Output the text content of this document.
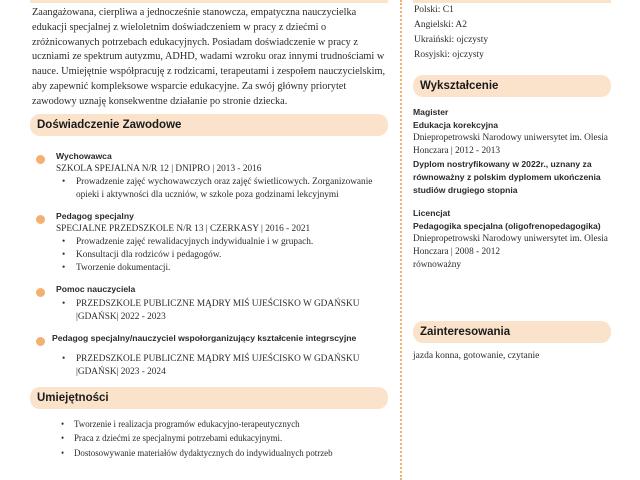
Zaangażowana, cierpliwa a jednocześnie stanowcza, empatyczna nauczycielka edukacji specjalnej z wieloletnim doświadczeniem w pracy z dziećmi o zróżnicowanych potrzebach edukacyjnych. Posiadam doświadczenie w pracy z uczniami ze spektrum autyzmu, ADHD, wadami wzroku oraz innymi trudnościami w nauce. Umiejętnie współpracuję z rodzicami, terapeutami i zespołem nauczycielskim, aby zapewnić kompleksowe wsparcie edukacyjne. Za swój główny priorytet zawodowy uznaję konsekwentne działanie po stronie dziecka.

Doświadczenie Zawodowe
Wychowawca
SZKOLA SPEJALNA N/R 12 | DNIPRO | 2013 - 2016
• Prowadzenie zajęć wychowawczych oraz zajęć świetlicowych. Zorganizowanie opieki i aktywności dla uczniów, w szkole poza godzinami lekcyjnymi
Pedagog specjalny
SPECJALNE PRZEDSZKOLE N/R 13 | CZERKASY | 2016 - 2021
• Prowadzenie zajęć rewalidacyjnych indywidualnie i w grupach.
• Konsultacji dla rodziców i pedagogów.
• Tworzenie dokumentacji.
Pomoc nauczyciela
• PRZEDSZKOLE PUBLICZNE MĄDRY MIŚ UJEŚCISKO W GDAŃSKU |GDAŃSK| 2022 - 2023
Pedagog specjalny/nauczyciel wspołorganizujący kształcenie integrscyjne
• PRZEDSZKOLE PUBLICZNE MĄDRY MIŚ UJEŚCISKO W GDAŃSKU |GDAŃSK| 2023 - 2024
Umiejętności
• Tworzenie i realizacja programów edukacyjno-terapeutycznych
• Praca z dziećmi ze specjalnymi potrzebami edukacyjnymi.
• Dostosowywanie materiałów dydaktycznych do indywidualnych potrzeb
Polski: C1
Angielski: A2
Ukraiński: ojczysty
Rosyjski: ojczysty
Wykształcenie

Magister

Edukacja korekcyjna

Dniepropetrowski Narodowy uniwersytet im. Olesia Honczara | 2012 - 2013

Dyplom nostryfikowany w 2022r., uznany za równoważny z polskim dyplomem ukończenia studiów drugiego stopnia

Licencjat

Pedagogika specjalna (oligofrenopedagogika)

Dniepropetrowski Narodowy uniwersytet im. Olesia Honczara | 2008 - 2012

równoważny

Zainteresowania
jazda konna, gotowanie, czytanie
